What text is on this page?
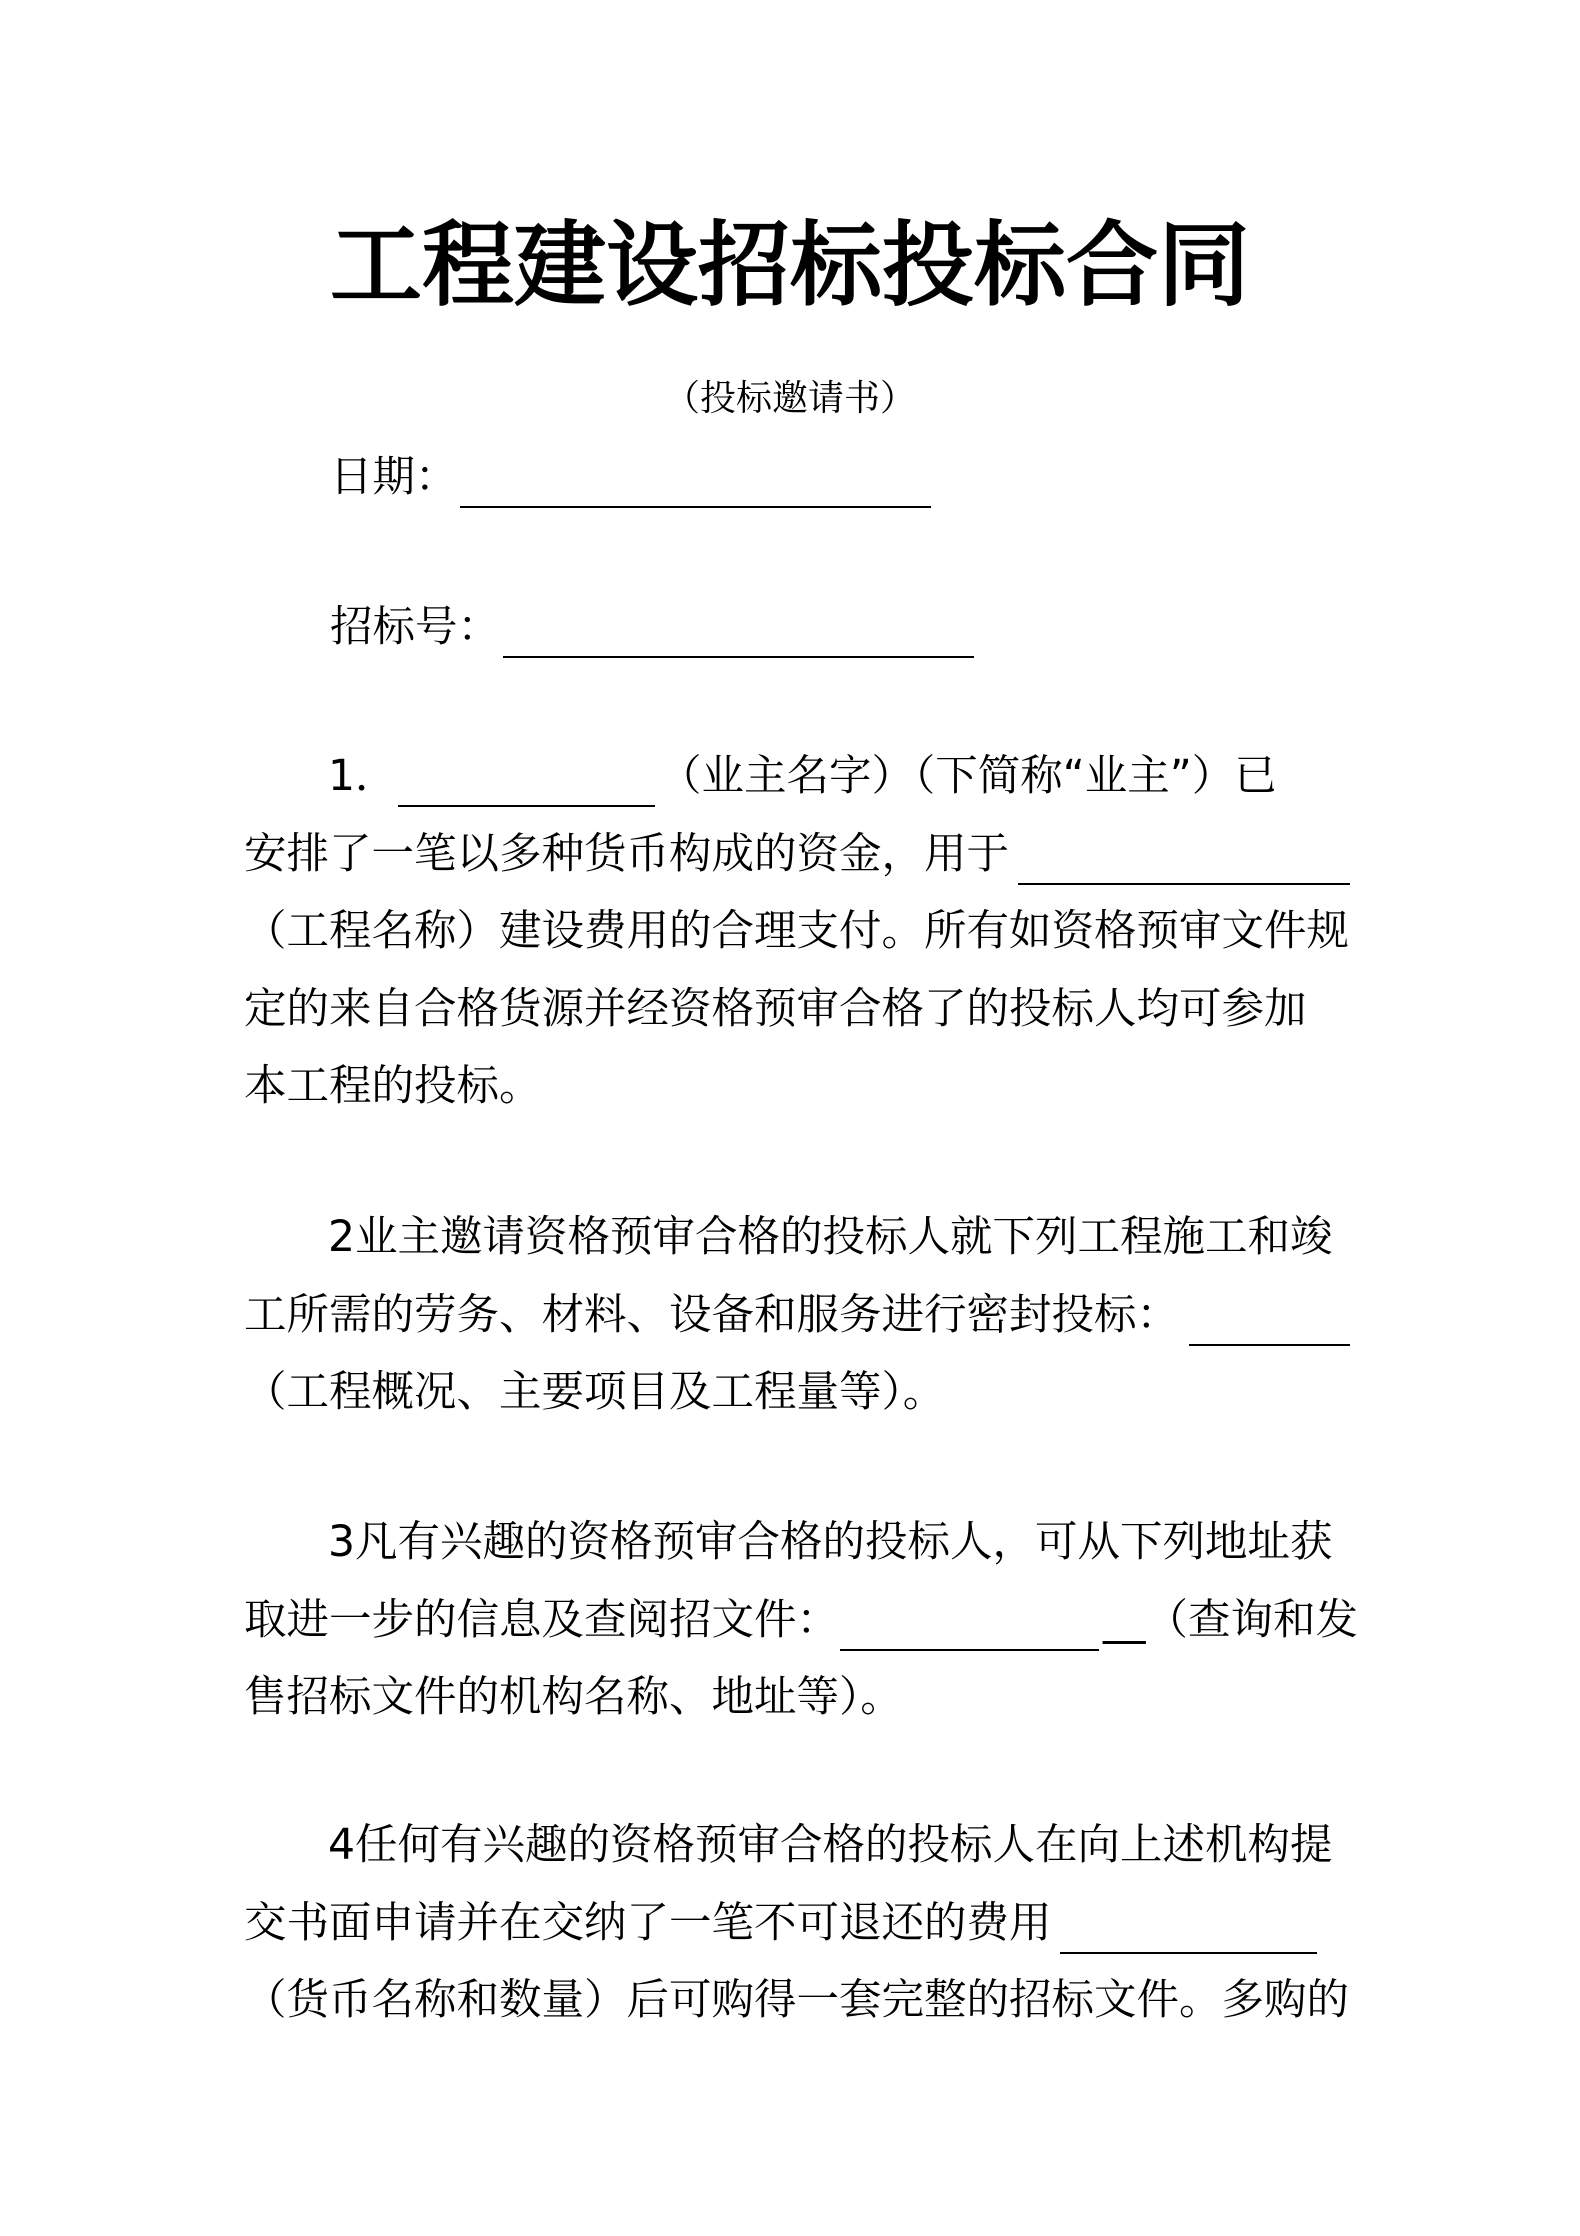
工程建设招标投标合同
（投标邀请书）
日期：
招标号：
1．	（业主名字）（下简称“业主”）已
安排了一笔以多种货币构成的资金，用于
（工程名称）建设费用的合理支付。所有如资格预审文件规
定的来自合格货源并经资格预审合格了的投标人均可参加
本工程的投标。
2业主邀请资格预审合格的投标人就下列工程施工和竣
工所需的劳务、材料、设备和服务进行密封投标：
（工程概况、主要项目及工程量等）。
3凡有兴趣的资格预审合格的投标人，可从下列地址获
取进一步的信息及查阅招文件：	__（查询和发
售招标文件的机构名称、地址等）。
4任何有兴趣的资格预审合格的投标人在向上述机构提
交书面申请并在交纳了一笔不可退还的费用
（货币名称和数量）后可购得一套完整的招标文件。多购的
